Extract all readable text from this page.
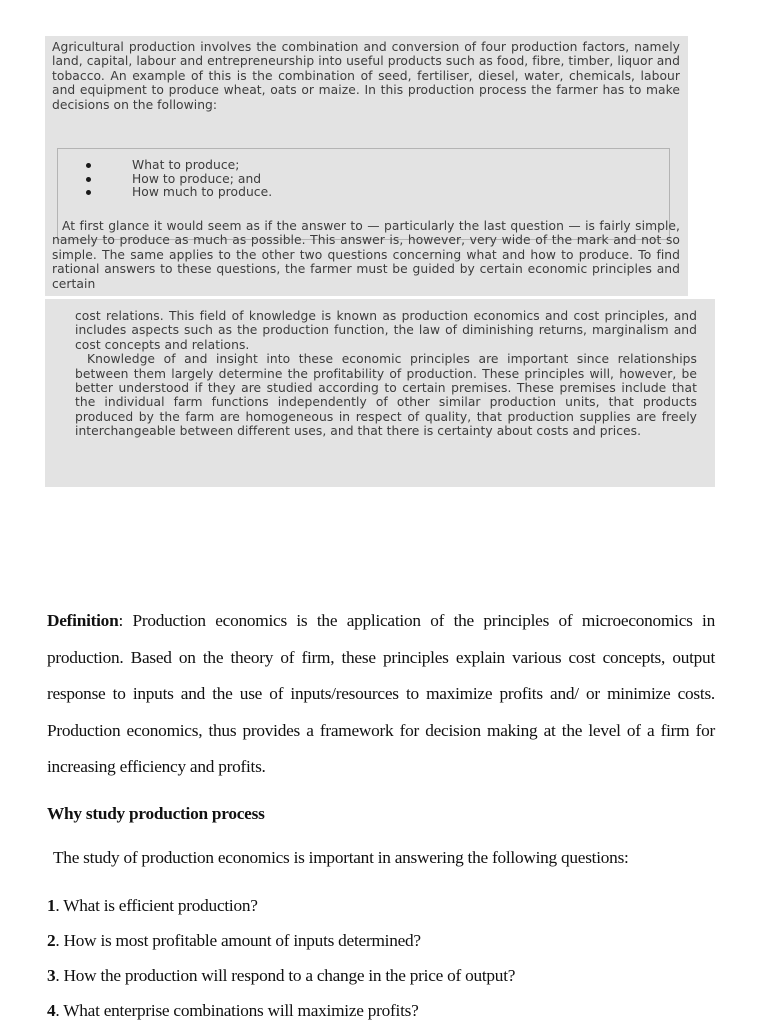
Agricultural production involves the combination and conversion of four production factors, namely land, capital, labour and entrepreneurship into useful products such as food, fibre, timber, liquor and tobacco. An example of this is the combination of seed, fertiliser, diesel, water, chemicals, labour and equipment to produce wheat, oats or maize. In this production process the farmer has to make decisions on the following:

What to produce;
How to produce; and
How much to produce.

At first glance it would seem as if the answer to — particularly the last question — is fairly simple, namely to produce as much as possible. This answer is, however, very wide of the mark and not so simple. The same applies to the other two questions concerning what and how to produce. To find rational answers to these questions, the farmer must be guided by certain economic principles and certain

cost relations. This field of knowledge is known as production economics and cost principles, and includes aspects such as the production function, the law of diminishing returns, marginalism and cost concepts and relations.

Knowledge of and insight into these economic principles are important since relationships between them largely determine the profitability of production. These principles will, however, be better understood if they are studied according to certain premises. These premises include that the individual farm functions independently of other similar production units, that products produced by the farm are homogeneous in respect of quality, that production supplies are freely interchangeable between different uses, and that there is certainty about costs and prices.

Definition: Production economics is the application of the principles of microeconomics in production. Based on the theory of firm, these principles explain various cost concepts, output response to inputs and the use of inputs/resources to maximize profits and/ or minimize costs. Production economics, thus provides a framework for decision making at the level of a firm for increasing efficiency and profits.

Why study production process
The study of production economics is important in answering the following questions:
1. What is efficient production?
2. How is most profitable amount of inputs determined?
3. How the production will respond to a change in the price of output?
4. What enterprise combinations will maximize profits?
